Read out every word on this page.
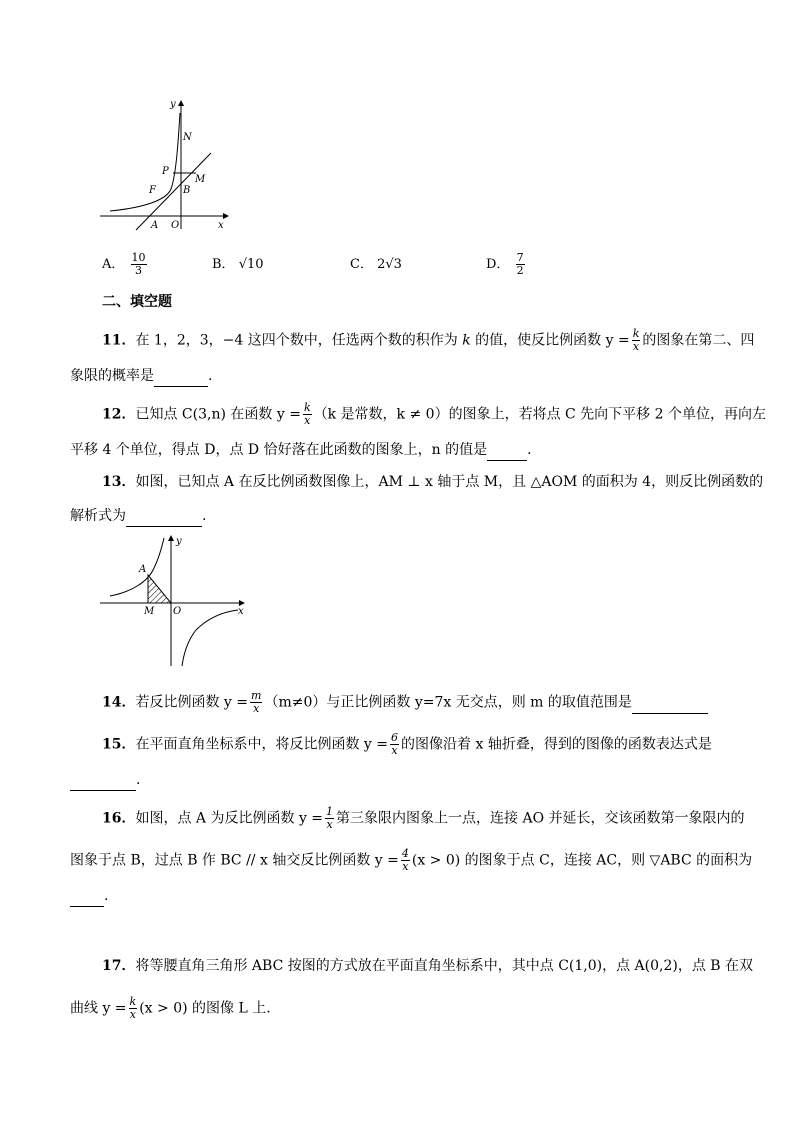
y
x
N
P
M
F	B
A O
A． $\frac{10}{3}$	B． √10	C． 2√3	D． $\frac{7}{2}$
二、填空题
11．在 1，2，3，−4 这四个数中，任选两个数的积作为 k 的值，使反比例函数 $y = \frac{k}{x}$ 的图象在第二、四
象限的概率是	.
12．已知点 C(3,n) 在函数 $y = \frac{k}{x} (k$ 是常数，k ≠ 0）的图象上，若将点 C 先向下平移 2 个单位，再向左
平移 4 个单位，得点 D，点 D 恰好落在此函数的图象上，n 的值是	.
13．如图，已知点 A 在反比例函数图像上，AM ⊥ x 轴于点 M，且 △AOM 的面积为 4，则反比例函数的
解析式为	.
y
x
A
M O
14．若反比例函数 $y = \frac{m}{x} (m\ne 0)$与正比例函数 y=7x 无交点，则 m 的取值范围是
15．在平面直角坐标系中，将反比例函数 $y = \frac{6}{x}$ 的图像沿着 x 轴折叠，得到的图像的函数表达式是
.
16．如图，点 A 为反比例函数 $y = \frac{1}{x}$ 第三象限内图象上一点，连接 AO 并延长，交该函数第一象限内的
图象于点 B，过点 B 作 BC // x 轴交反比例函数 $y = \frac{4}{x} (x > 0)$ 的图象于点 C，连接 AC，则 ▽ABC 的面积为
.
17．将等腰直角三角形 ABC 按图的方式放在平面直角坐标系中，其中点 C(1,0)，点 A(0,2)，点 B 在双
曲线 $y = \frac{k}{x} (x > 0)$ 的图像 L 上.
